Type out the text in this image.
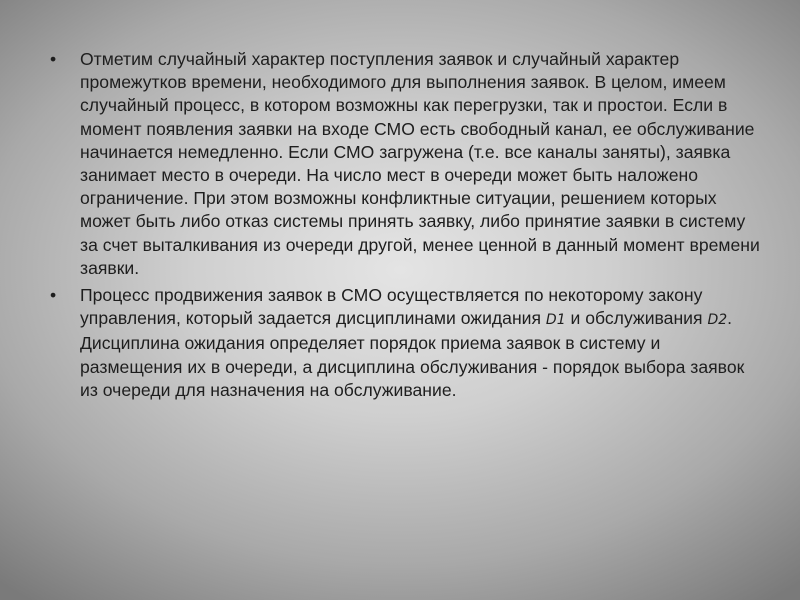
•	Отметим случайный характер поступления заявок и случайный характер промежутков времени, необходимого для выполнения заявок. В целом, имеем случайный процесс, в котором возможны как перегрузки, так и простои. Если в момент появления заявки на входе СМО есть свободный канал, ее обслуживание начинается немедленно. Если СМО загружена (т.е. все каналы заняты), заявка занимает место в очереди. На число мест в очереди может быть наложено ограничение. При этом возможны конфликтные ситуации, решением которых может быть либо отказ системы принять заявку, либо принятие заявки в систему за счет выталкивания из очереди другой, менее ценной в данный момент времени заявки.
•	Процесс продвижения заявок в СМО осуществляется по некоторому закону управления, который задается дисциплинами ожидания D1 и обслуживания D2. Дисциплина ожидания определяет порядок приема заявок в систему и размещения их в очереди, а дисциплина обслуживания - порядок выбора заявок из очереди для назначения на обслуживание.
